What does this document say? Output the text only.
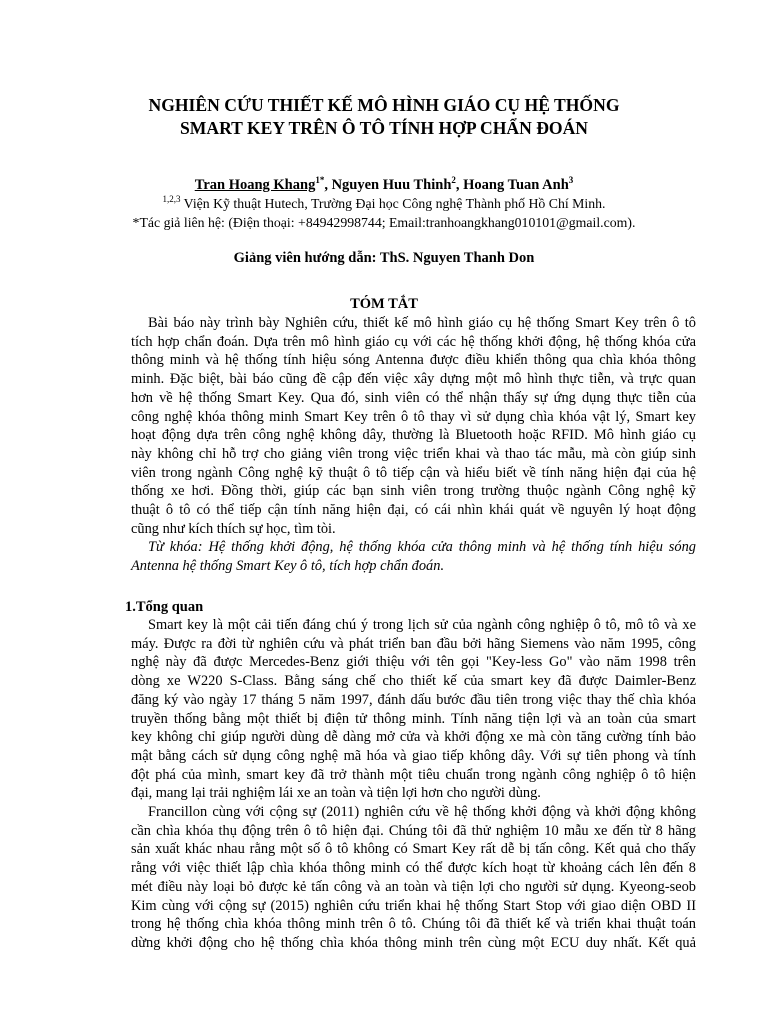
NGHIÊN CỨU THIẾT KẾ MÔ HÌNH GIÁO CỤ HỆ THỐNG
SMART KEY TRÊN Ô TÔ TÍNH HỢP CHẨN ĐOÁN
Tran Hoang Khang$^{1*}$, Nguyen Huu Thinh$^2$, Hoang Tuan Anh$^3$
$^{1,2,3}$ Viện Kỹ thuật Hutech, Trường Đại học Công nghệ Thành phố Hồ Chí Minh.
*Tác giả liên hệ: (Điện thoại: +84942998744; Email:tranhoangkhang010101@gmail.com).
Giảng viên hướng dẫn: ThS. Nguyen Thanh Don
TÓM TẮT
Bài báo này trình bày Nghiên cứu, thiết kế mô hình giáo cụ hệ thống Smart Key trên ô tô
tích hợp chẩn đoán. Dựa trên mô hình giáo cụ với các hệ thống khởi động, hệ thống khóa cửa
thông minh và hệ thống tính hiệu sóng Antenna được điều khiển thông qua chìa khóa thông
minh. Đặc biệt, bài báo cũng đề cập đến việc xây dựng một mô hình thực tiễn, và trực quan
hơn về hệ thống Smart Key. Qua đó, sinh viên có thể nhận thấy sự ứng dụng thực tiễn của
công nghệ khóa thông minh Smart Key trên ô tô thay vì sử dụng chìa khóa vật lý, Smart key
hoạt động dựa trên công nghệ không dây, thường là Bluetooth hoặc RFID. Mô hình giáo cụ
này không chỉ hỗ trợ cho giảng viên trong việc triển khai và thao tác mẫu, mà còn giúp sinh
viên trong ngành Công nghệ kỹ thuật ô tô tiếp cận và hiểu biết về tính năng hiện đại của hệ
thống xe hơi. Đồng thời, giúp các bạn sinh viên trong trường thuộc ngành Công nghệ kỹ
thuật ô tô có thể tiếp cận tính năng hiện đại, có cái nhìn khái quát về nguyên lý hoạt động
cũng như kích thích sự học, tìm tòi.
Từ khóa: Hệ thống khởi động, hệ thống khóa cửa thông minh và hệ thống tính hiệu sóng
Antenna hệ thống Smart Key ô tô, tích hợp chẩn đoán.
1.Tổng quan
Smart key là một cải tiến đáng chú ý trong lịch sử của ngành công nghiệp ô tô, mô tô và xe
máy. Được ra đời từ nghiên cứu và phát triển ban đầu bởi hãng Siemens vào năm 1995, công
nghệ này đã được Mercedes-Benz giới thiệu với tên gọi "Key-less Go" vào năm 1998 trên
dòng xe W220 S-Class. Bằng sáng chế cho thiết kế của smart key đã được Daimler-Benz
đăng ký vào ngày 17 tháng 5 năm 1997, đánh dấu bước đầu tiên trong việc thay thế chìa khóa
truyền thống bằng một thiết bị điện tử thông minh. Tính năng tiện lợi và an toàn của smart
key không chỉ giúp người dùng dễ dàng mở cửa và khởi động xe mà còn tăng cường tính bảo
mật bằng cách sử dụng công nghệ mã hóa và giao tiếp không dây. Với sự tiên phong và tính
đột phá của mình, smart key đã trở thành một tiêu chuẩn trong ngành công nghiệp ô tô hiện
đại, mang lại trải nghiệm lái xe an toàn và tiện lợi hơn cho người dùng.
Francillon cùng với cộng sự (2011) nghiên cứu về hệ thống khởi động và khởi động không
cần chìa khóa thụ động trên ô tô hiện đại. Chúng tôi đã thử nghiệm 10 mẫu xe đến từ 8 hãng
sản xuất khác nhau rằng một số ô tô không có Smart Key rất dễ bị tấn công. Kết quả cho thấy
rằng với việc thiết lập chìa khóa thông minh có thể được kích hoạt từ khoảng cách lên đến 8
mét điều này loại bỏ được kẻ tấn công và an toàn và tiện lợi cho người sử dụng. Kyeong-seob
Kim cùng với cộng sự (2015) nghiên cứu triển khai hệ thống Start Stop với giao diện OBD II
trong hệ thống chìa khóa thông minh trên ô tô. Chúng tôi đã thiết kế và triển khai thuật toán
dừng khởi động cho hệ thống chìa khóa thông minh trên cùng một ECU duy nhất. Kết quả
